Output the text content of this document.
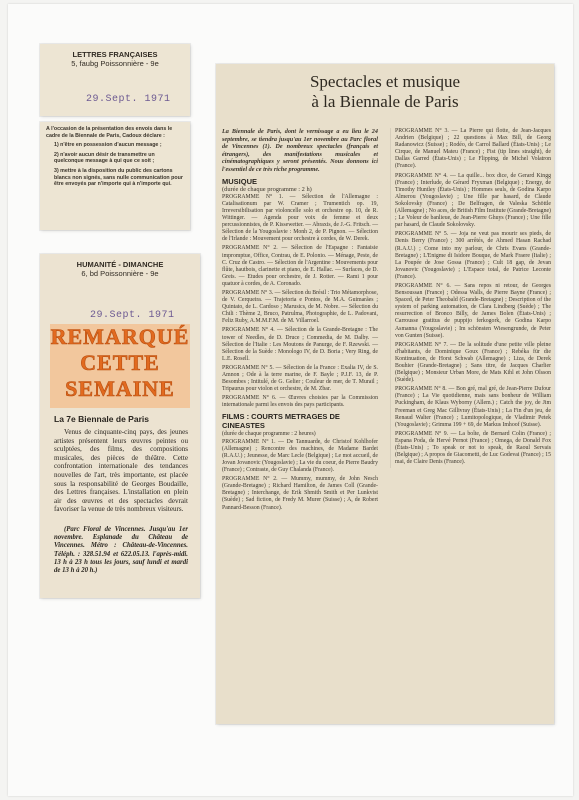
LETTRES FRANÇAISES
5, faubg Poissonnière - 9e
29.Sept. 1971
A l'occasion de la présentation des envois dans le cadre de la Biennale de Paris, Cadoux déclare :
1) n'être en possession d'aucun message ;
2) n'avoir aucun désir de transmettre un quelconque message à qui que ce soit ;
3) mettre à la disposition du public des cartons blancs non signés, sans nulle communication pour être envoyés par n'importe qui à n'importe qui.
HUMANITÉ - DIMANCHE
6, bd Poissonnière - 9e
29.Sept. 1971
REMARQUÉ
CETTE
SEMAINE
La 7e Biennale de Paris
Venus de cinquante-cinq pays, des jeunes artistes présentent leurs œuvres peintes ou sculptées, des films, des compositions musicales, des pièces de théâtre. Cette confrontation internationale des tendances nouvelles de l'art, très importante, est placée sous la responsabilité de Georges Boudaille, des Lettres françaises. L'installation en plein air des œuvres et des spectacles devrait favoriser la venue de très nombreux visiteurs.
(Parc Floral de Vincennes. Jusqu'au 1er novembre. Esplanade du Château de Vincennes. Métro : Château-de-Vincennes. Téléph. : 328.51.94 et 622.05.13. l'après-midi. 13 h à 23 h tous les jours, sauf lundi et mardi de 13 h à 20 h.)
Spectacles et musique
à la Biennale de Paris
La Biennale de Paris, dont le vernissage a eu lieu le 24 septembre, se tiendra jusqu'au 1er novembre au Parc floral de Vincennes (1). De nombreux spectacles (français et étrangers), des manifestations musicales et cinématographiques y seront présentés. Nous donnons ici l'essentiel de ce très riche programme.
MUSIQUE
(durée de chaque programme : 2 h)
PROGRAMME N° 1. — Sélection de l'Allemagne : Catalisationum par W. Cramer ; Trumentich op. 19, Irreversibilisation par violoncelle solo et orchestre op. 10, de R. Wittinger. — Agenda pour voix de femme et deux percussionnistes, de P. Kissewetter. — Abraxis, de J.-G. Fritsch. — Sélection de la Yougoslavie : Monh 2, de P. Pignon. — Sélection de l'Irlande : Mouvement pour orchestre à cordes, de W. Derek.
PROGRAMME N° 2. — Sélection de l'Espagne : Fantaisie impromptue, Office, Contrau, de E. Polonio. — Ménage, Peste, de C. Cruz de Castro. — Sélection de l'Argentine : Mouvements pour flûte, hautbois, clarinette et piano, de E. Hallac. — Surfaces, de D. Greis. — Etudes pour orchestre, de J. Rotter. — Rami 1 pour quatuor à cordes, de A. Coronado.
PROGRAMME N° 3. — Sélection du Brésil : Trio Métamorphose, de V. Cerqueira. — Trajetoria e Pontos, de M.A. Guimarães ; Quintato, de L. Cardoso ; Marusics, de M. Nobre. — Sélection du Chili : Thème 2, Bruco, Patrulma, Photographie, de L. Padovani, Feliz Ruby, A.M.M.F.M. de M. Villarroel.
PROGRAMME N° 4. — Sélection de la Grande-Bretagne : The tower of Needles, de D. Druce ; Commedia, de M. Dalby. — Sélection de l'Italie : Les Moutons de Panurge, de F. Rzewski. — Sélection de la Suède : Monologo IV, de D. Boria ; Very Ring, de L.E. Rosell.
PROGRAMME N° 5. — Sélection de la France : Exalia IV, de S. Amnon ; Ode à la terre marine, de F. Bayle ; P.J.F. 13, de P. Besombes ; Intitulé, de G. Gelier ; Couleur de mer, de T. Murail ; Tripaurus pour violon et orchestre, de M. Zbar.
PROGRAMME N° 6. — Œuvres choisies par la Commission internationale parmi les envois des pays participants.
FILMS : COURTS METRAGES DE CINEASTES
(durée de chaque programme : 2 heures)
PROGRAMME N° 1. — De Tannuarde, de Christof Kohlhofer (Allemagne) ; Rencontre des machines, de Madame Bardet (R.A.U.) ; Jeunesse, de Marc Lecle (Belgique) ; Le mot accueil, de Jovan Jovanovic (Yougoslavie) ; La vie du coeur, de Pierre Baudry (France) ; Contraste, de Guy Chalanda (France).
PROGRAMME N° 2. — Mummy, mummy, de John Nesch (Grande-Bretagne) ; Richard Hamilton, de James Coll (Grande-Bretagne) ; Interchange, de Erik Shmith Smith et Per Lunkvist (Suède) ; Sad fiction, de Fredy M. Murer (Suisse) ; A, de Robert Pannard-Besson (France).
PROGRAMME N° 3. — La Pierre qui flotte, de Jean-Jacques Andrien (Belgique) ; 22 questions à Max Bill, de Georg Radanowicz (Suisse) ; Rodéo, de Carrol Ballard (États-Unis) ; Le Cirque, de Manuel Mateu (France) ; Fist (tip lines straight), de Dallas Garred (États-Unis) ; Le Flipping, de Michel Volatron (France).
PROGRAMME N° 4. — La quille... box dice, de Gerard Kingg (France) ; Interlude, de Gérard Fryxman (Belgique) ; Energy, de Timothy Huntley (États-Unis) ; Hommes seuls, de Godina Karpo Almerou (Yougoslavie) ; Une fille par hasard, de Claude Sokolovsky (France) ; De Belfragen, de Valeska Schöttle (Allemagne) ; No aces, de British Film Institute (Grande-Bretagne) ; Le Voleur de banlieue, de Jean-Pierre Ghuys (France) ; Une fille par hasard, de Claude Sokolovsky.
PROGRAMME N° 5. — Joja ne veut pas mourir ses pieds, de Denis Berry (France) ; 300 arrêtés, de Ahmed Hasan Rachad (R.A.U.) ; Come into my parlour, de Chris Evans (Grande-Bretagne) ; L'Enigme di Isidore Bouque, de Mark Fraere (Italie) ; La Poupée de Jose Gossa (France) ; Cult 18 gap, de Jevan Jovanovic (Yougoslavie) ; L'Espace total, de Patrice Leconte (France).
PROGRAMME N° 6. — Sans repos ni retour, de Georges Bensoussan (France) ; Odessa Walls, de Pierre Bayne (France) ; Spaced, de Peter Theobald (Grande-Bretagne) ; Description of the system of parking automation, de Clara Lindberg (Suède) ; The resurrection of Bronco Billy, de James Bolen (États-Unis) ; Carrousse gratitus de puppijo ferkogork, de Godina Karpo Asmanna (Yougoslavie) ; Im schönsten Wiesengrunde, de Peter von Gunten (Suisse).
PROGRAMME N° 7. — De la solitude d'une petite ville pleine d'habitants, de Dominique Goux (France) ; Rebéka für die Kontinuation, de Horst Schwab (Allemagne) ; Liza, de Derek Bouhier (Grande-Bretagne) ; Sans titre, de Jacques Charlier (Belgique) ; Monsieur Urban More, de Mats Kihl et John Olsson (Suède).
PROGRAMME N° 8. — Bon gré, mal gré, de Jean-Pierre Dufour (France) ; La Vie quotidienne, mais sans bonheur de William Puckingham, de Klaus Wyborny (Allem.) ; Catch the joy, de Jim Freeman et Greg Mac Gillivray (États-Unis) ; La Fin d'un jeu, de Renaud Walter (France) ; Lumitopologique, de Vladimir Petek (Yougoslavie) ; Grimma 199 + 69, de Markus Imhoof (Suisse).
PROGRAMME N° 9. — La boîte, de Bernard Colin (France) ; Espana Poda, de Hervé Pernot (France) ; Omega, de Donald Fox (États-Unis) ; To speak or not to speak, de Raoul Servais (Belgique) ; A propos de Giacometti, de Luc Godevai (France) ; 15 mai, de Claire Denis (France).
